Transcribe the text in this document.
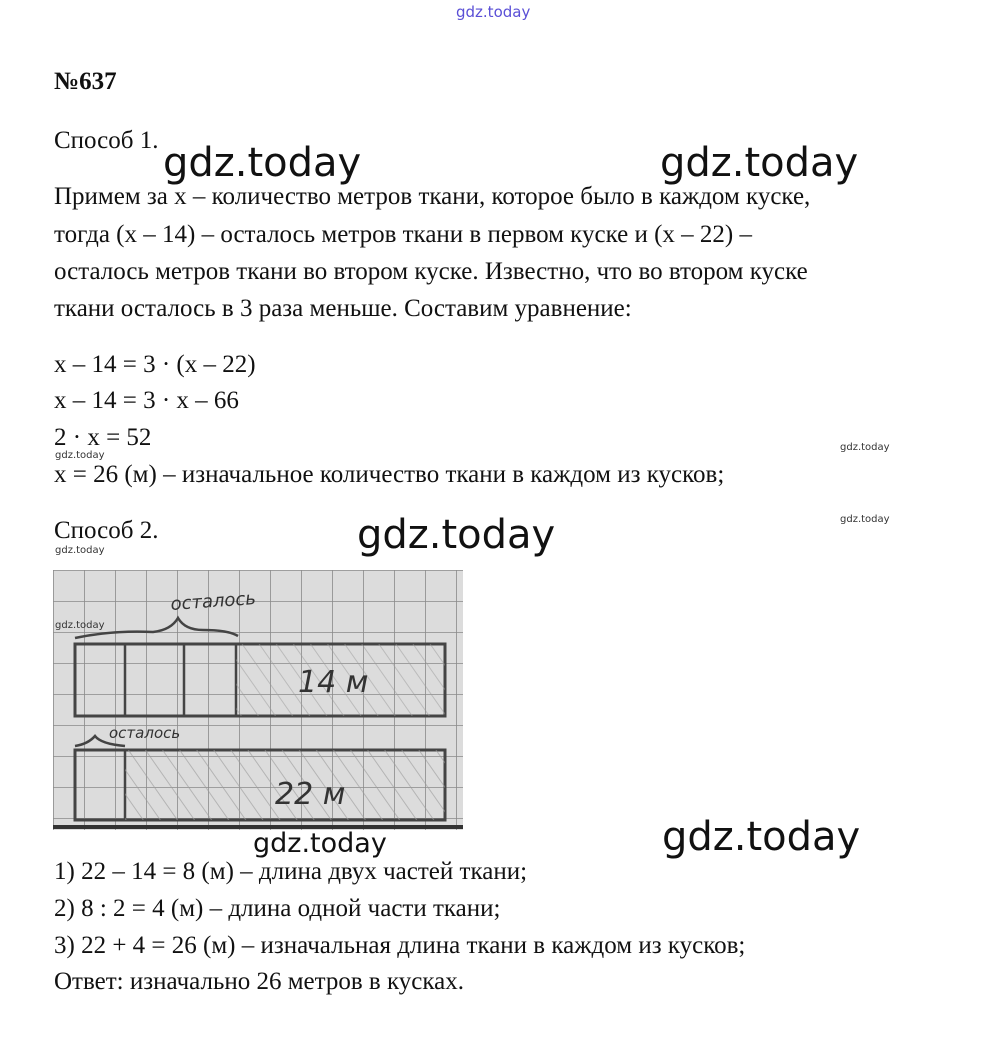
gdz.today
№637
Способ 1. gdz.today	gdz.today
Примем за x – количество метров ткани, которое было в каждом куске,
тогда (x – 14) – осталось метров ткани в первом куске и (x – 22) –
осталось метров ткани во втором куске. Известно, что во втором куске
ткани осталось в 3 раза меньше. Составим уравнение:
x – 14 = 3 · (x – 22)
x – 14 = 3 · x – 66
2 · x = 52
gdz.today
gdz.today
x = 26 (м) – изначальное количество ткани в каждом из кусков;
Способ 2.	gdz.today	gdz.today
gdz.today
осталось
осталось
14 м
22 м
gdz.today
gdz.today	gdz.today
1) 22 – 14 = 8 (м) – длина двух частей ткани;
2) 8 : 2 = 4 (м) – длина одной части ткани;
3) 22 + 4 = 26 (м) – изначальная длина ткани в каждом из кусков;
Ответ: изначально 26 метров в кусках.
